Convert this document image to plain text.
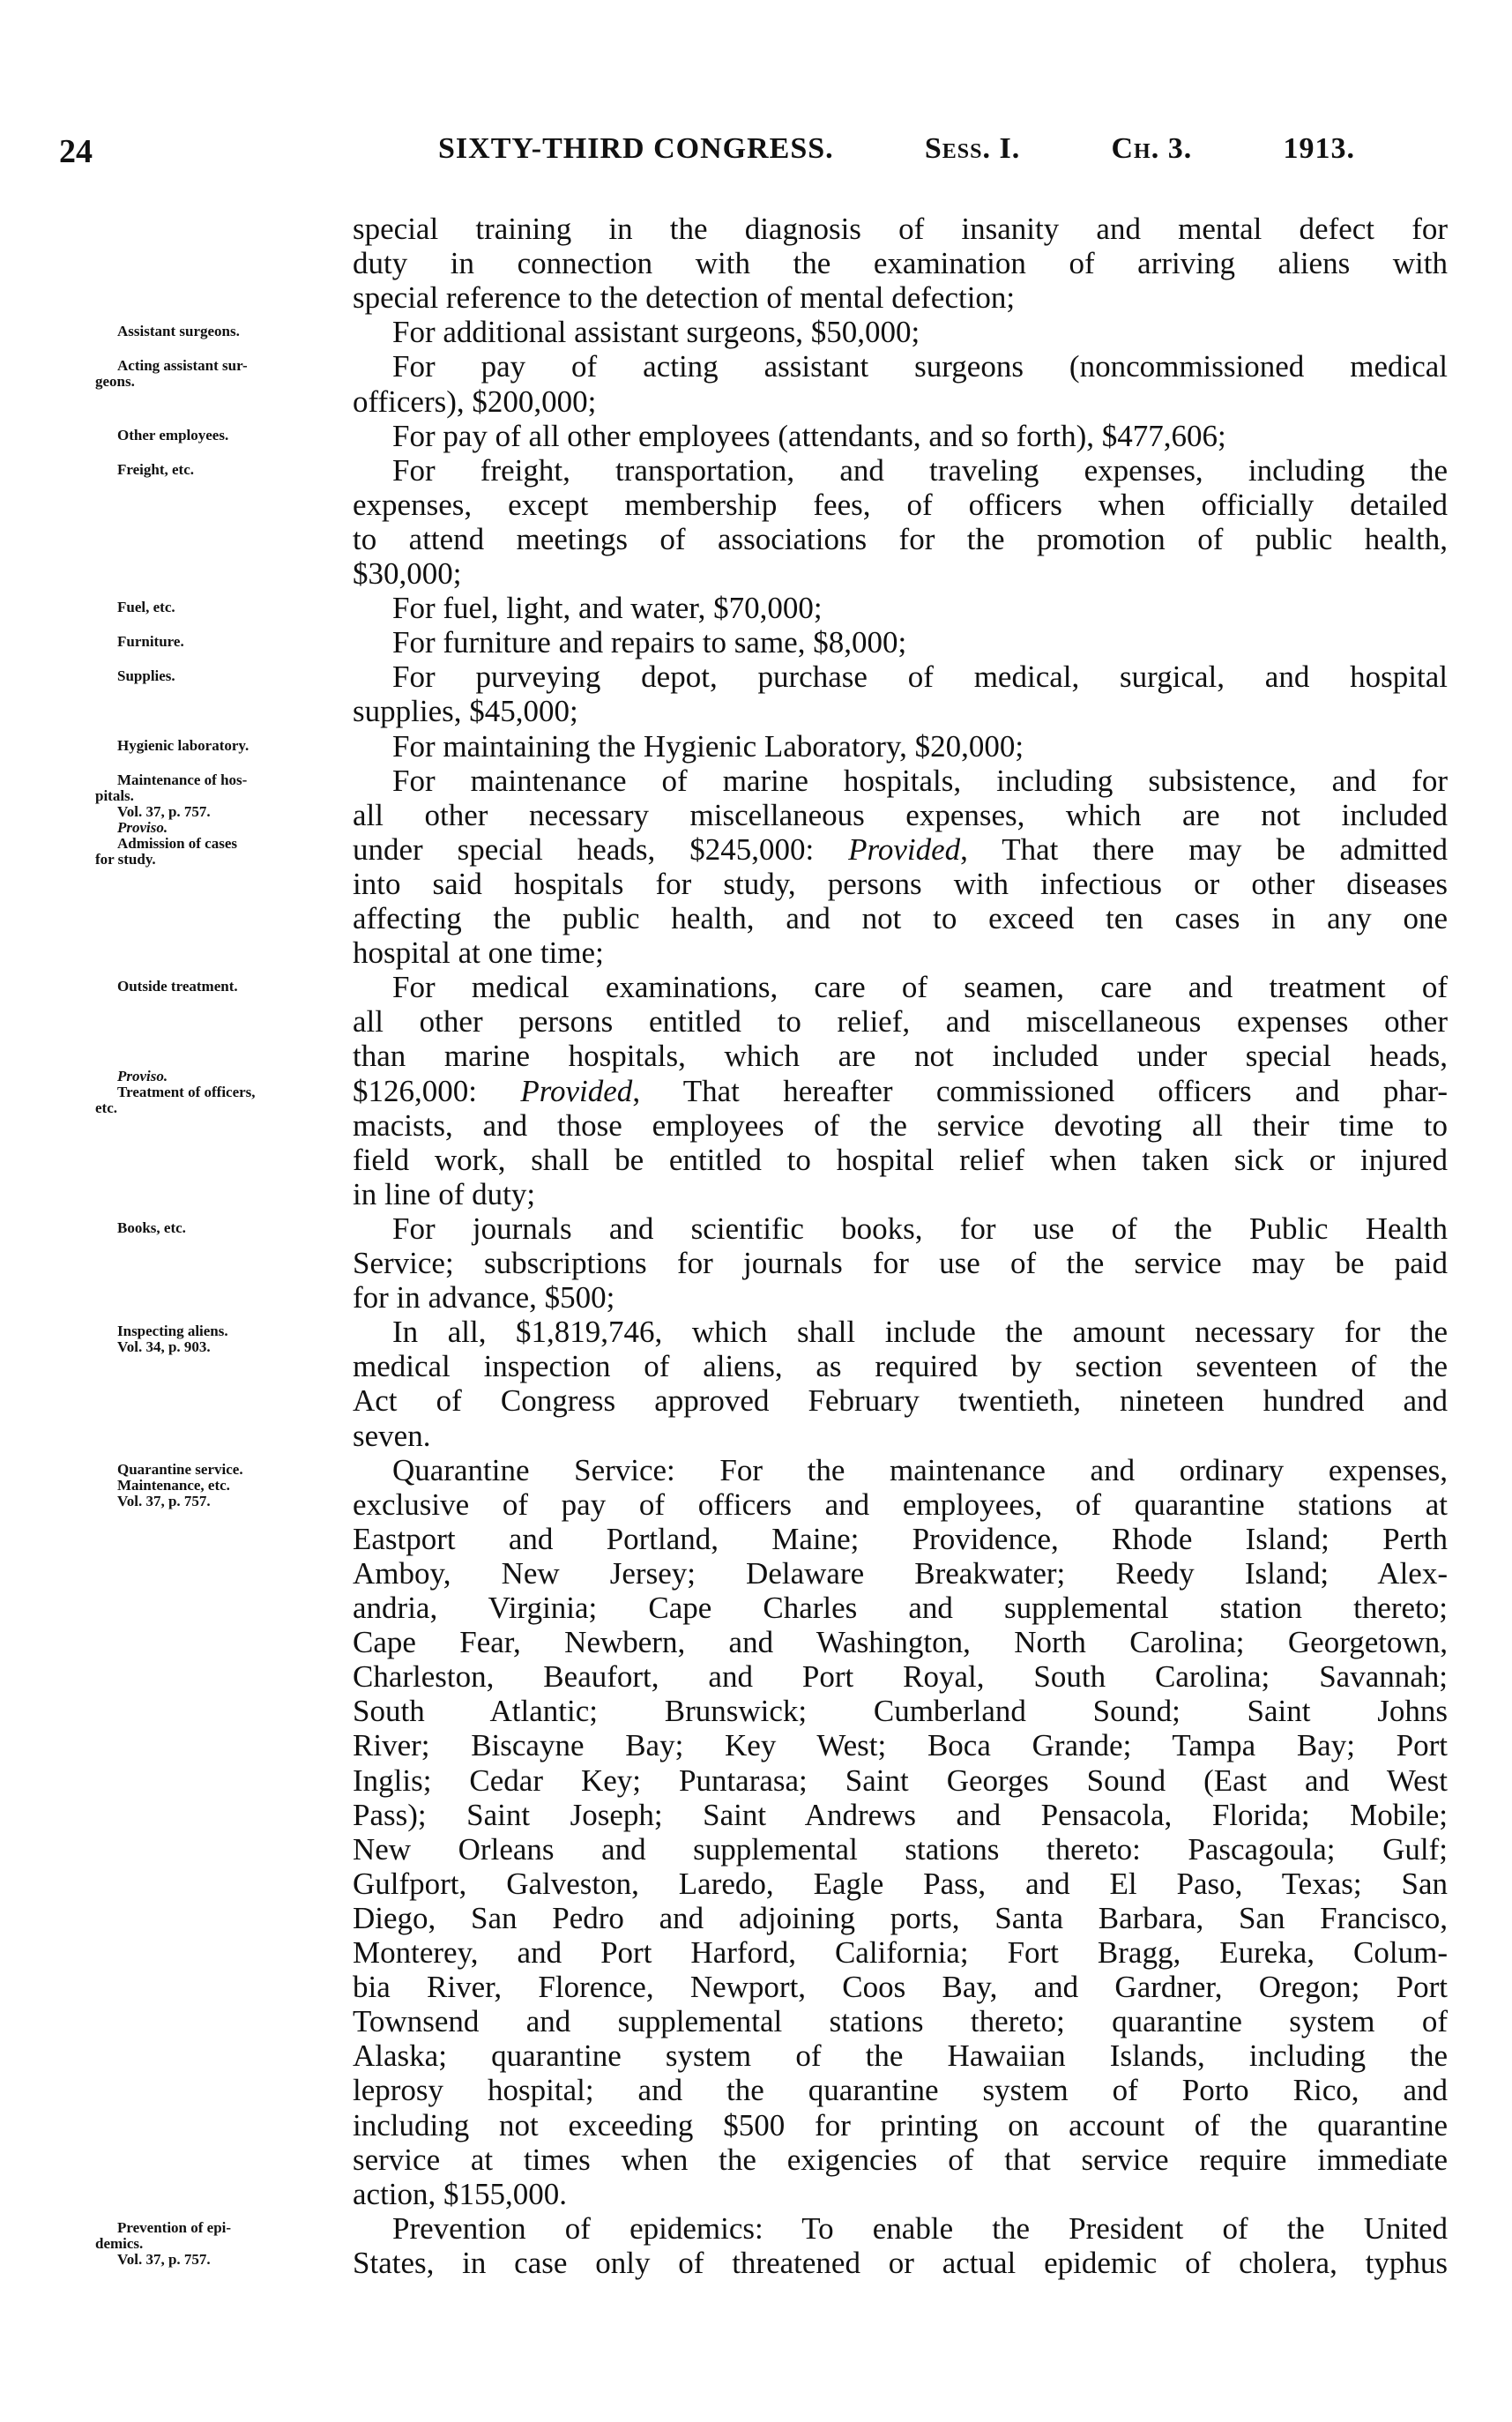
24	SIXTY-THIRD CONGRESS.	Sess. I.	Ch. 3.	1913.
Assistant surgeons.
Acting assistant sur-
geons.
Other employees.
Freight, etc.
Fuel, etc.
Furniture.
Supplies.
Hygienic laboratory.
Maintenance of hos-
pitals.
Vol. 37, p. 757.
Proviso.
Admission of cases
for study.
Outside treatment.
Proviso.
Treatment of officers,
etc.
Books, etc.
Inspecting aliens.
Vol. 34, p. 903.
Quarantine service.
Maintenance, etc.
Vol. 37, p. 757.
Prevention of epi-
demics.
Vol. 37, p. 757.
special training in the diagnosis of insanity and mental defect for
duty in connection with the examination of arriving aliens with
special reference to the detection of mental defection;
For additional assistant surgeons, $50,000;
For pay of acting assistant surgeons (noncommissioned medical
officers), $200,000;
For pay of all other employees (attendants, and so forth), $477,606;
For freight, transportation, and traveling expenses, including the
expenses, except membership fees, of officers when officially detailed
to attend meetings of associations for the promotion of public health,
$30,000;
For fuel, light, and water, $70,000;
For furniture and repairs to same, $8,000;
For purveying depot, purchase of medical, surgical, and hospital
supplies, $45,000;
For maintaining the Hygienic Laboratory, $20,000;
For maintenance of marine hospitals, including subsistence, and for
all other necessary miscellaneous expenses, which are not included
under special heads, $245,000: Provided, That there may be admitted
into said hospitals for study, persons with infectious or other diseases
affecting the public health, and not to exceed ten cases in any one
hospital at one time;
For medical examinations, care of seamen, care and treatment of
all other persons entitled to relief, and miscellaneous expenses other
than marine hospitals, which are not included under special heads,
$126,000: Provided, That hereafter commissioned officers and phar-
macists, and those employees of the service devoting all their time to
field work, shall be entitled to hospital relief when taken sick or injured
in line of duty;
For journals and scientific books, for use of the Public Health
Service; subscriptions for journals for use of the service may be paid
for in advance, $500;
In all, $1,819,746, which shall include the amount necessary for the
medical inspection of aliens, as required by section seventeen of the
Act of Congress approved February twentieth, nineteen hundred and
seven.
Quarantine Service: For the maintenance and ordinary expenses,
exclusive of pay of officers and employees, of quarantine stations at
Eastport and Portland, Maine; Providence, Rhode Island; Perth
Amboy, New Jersey; Delaware Breakwater; Reedy Island; Alex-
andria, Virginia; Cape Charles and supplemental station thereto;
Cape Fear, Newbern, and Washington, North Carolina; Georgetown,
Charleston, Beaufort, and Port Royal, South Carolina; Savannah;
South Atlantic; Brunswick; Cumberland Sound; Saint Johns
River; Biscayne Bay; Key West; Boca Grande; Tampa Bay; Port
Inglis; Cedar Key; Puntarasa; Saint Georges Sound (East and West
Pass); Saint Joseph; Saint Andrews and Pensacola, Florida; Mobile;
New Orleans and supplemental stations thereto: Pascagoula; Gulf;
Gulfport, Galveston, Laredo, Eagle Pass, and El Paso, Texas; San
Diego, San Pedro and adjoining ports, Santa Barbara, San Francisco,
Monterey, and Port Harford, California; Fort Bragg, Eureka, Colum-
bia River, Florence, Newport, Coos Bay, and Gardner, Oregon; Port
Townsend and supplemental stations thereto; quarantine system of
Alaska; quarantine system of the Hawaiian Islands, including the
leprosy hospital; and the quarantine system of Porto Rico, and
including not exceeding $500 for printing on account of the quarantine
service at times when the exigencies of that service require immediate
action, $155,000.
Prevention of epidemics: To enable the President of the United
States, in case only of threatened or actual epidemic of cholera, typhus
